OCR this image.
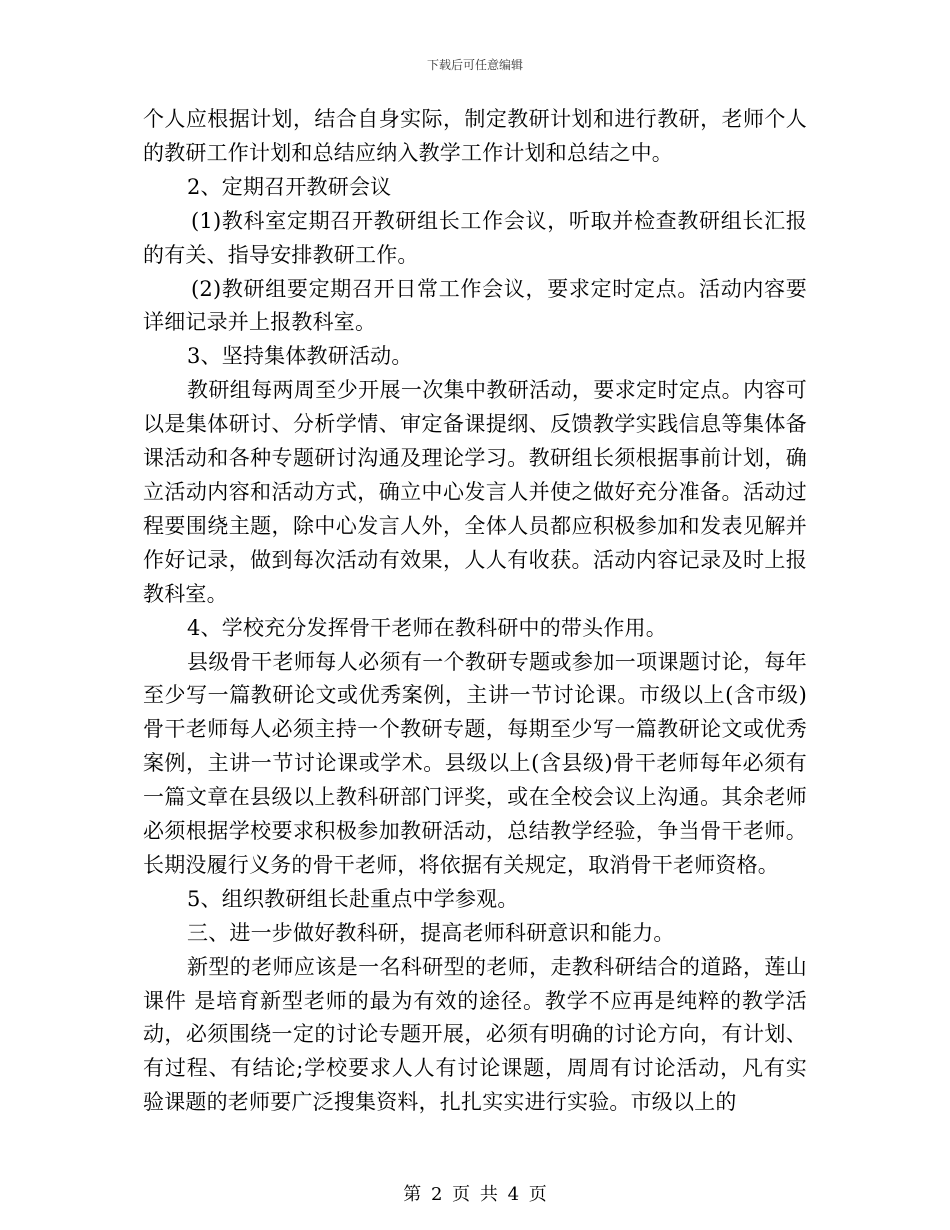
下载后可任意编辑

个人应根据计划，结合自身实际，制定教研计划和进行教研，老师个人的教研工作计划和总结应纳入教学工作计划和总结之中。

2、定期召开教研会议

(1)教科室定期召开教研组长工作会议，听取并检查教研组长汇报的有关、指导安排教研工作。

(2)教研组要定期召开日常工作会议，要求定时定点。活动内容要详细记录并上报教科室。

3、坚持集体教研活动。

教研组每两周至少开展一次集中教研活动，要求定时定点。内容可以是集体研讨、分析学情、审定备课提纲、反馈教学实践信息等集体备课活动和各种专题研讨沟通及理论学习。教研组长须根据事前计划，确立活动内容和活动方式，确立中心发言人并使之做好充分准备。活动过程要围绕主题，除中心发言人外，全体人员都应积极参加和发表见解并作好记录，做到每次活动有效果，人人有收获。活动内容记录及时上报教科室。

4、学校充分发挥骨干老师在教科研中的带头作用。

县级骨干老师每人必须有一个教研专题或参加一项课题讨论，每年至少写一篇教研论文或优秀案例，主讲一节讨论课。市级以上(含市级)骨干老师每人必须主持一个教研专题，每期至少写一篇教研论文或优秀案例，主讲一节讨论课或学术。县级以上(含县级)骨干老师每年必须有一篇文章在县级以上教科研部门评奖，或在全校会议上沟通。其余老师必须根据学校要求积极参加教研活动，总结教学经验，争当骨干老师。长期没履行义务的骨干老师，将依据有关规定，取消骨干老师资格。

5、组织教研组长赴重点中学参观。

三、进一步做好教科研，提高老师科研意识和能力。

新型的老师应该是一名科研型的老师，走教科研结合的道路，莲山课件 是培育新型老师的最为有效的途径。教学不应再是纯粹的教学活动，必须围绕一定的讨论专题开展，必须有明确的讨论方向，有计划、有过程、有结论;学校要求人人有讨论课题，周周有讨论活动，凡有实验课题的老师要广泛搜集资料，扎扎实实进行实验。市级以上的

第 2 页 共 4 页
